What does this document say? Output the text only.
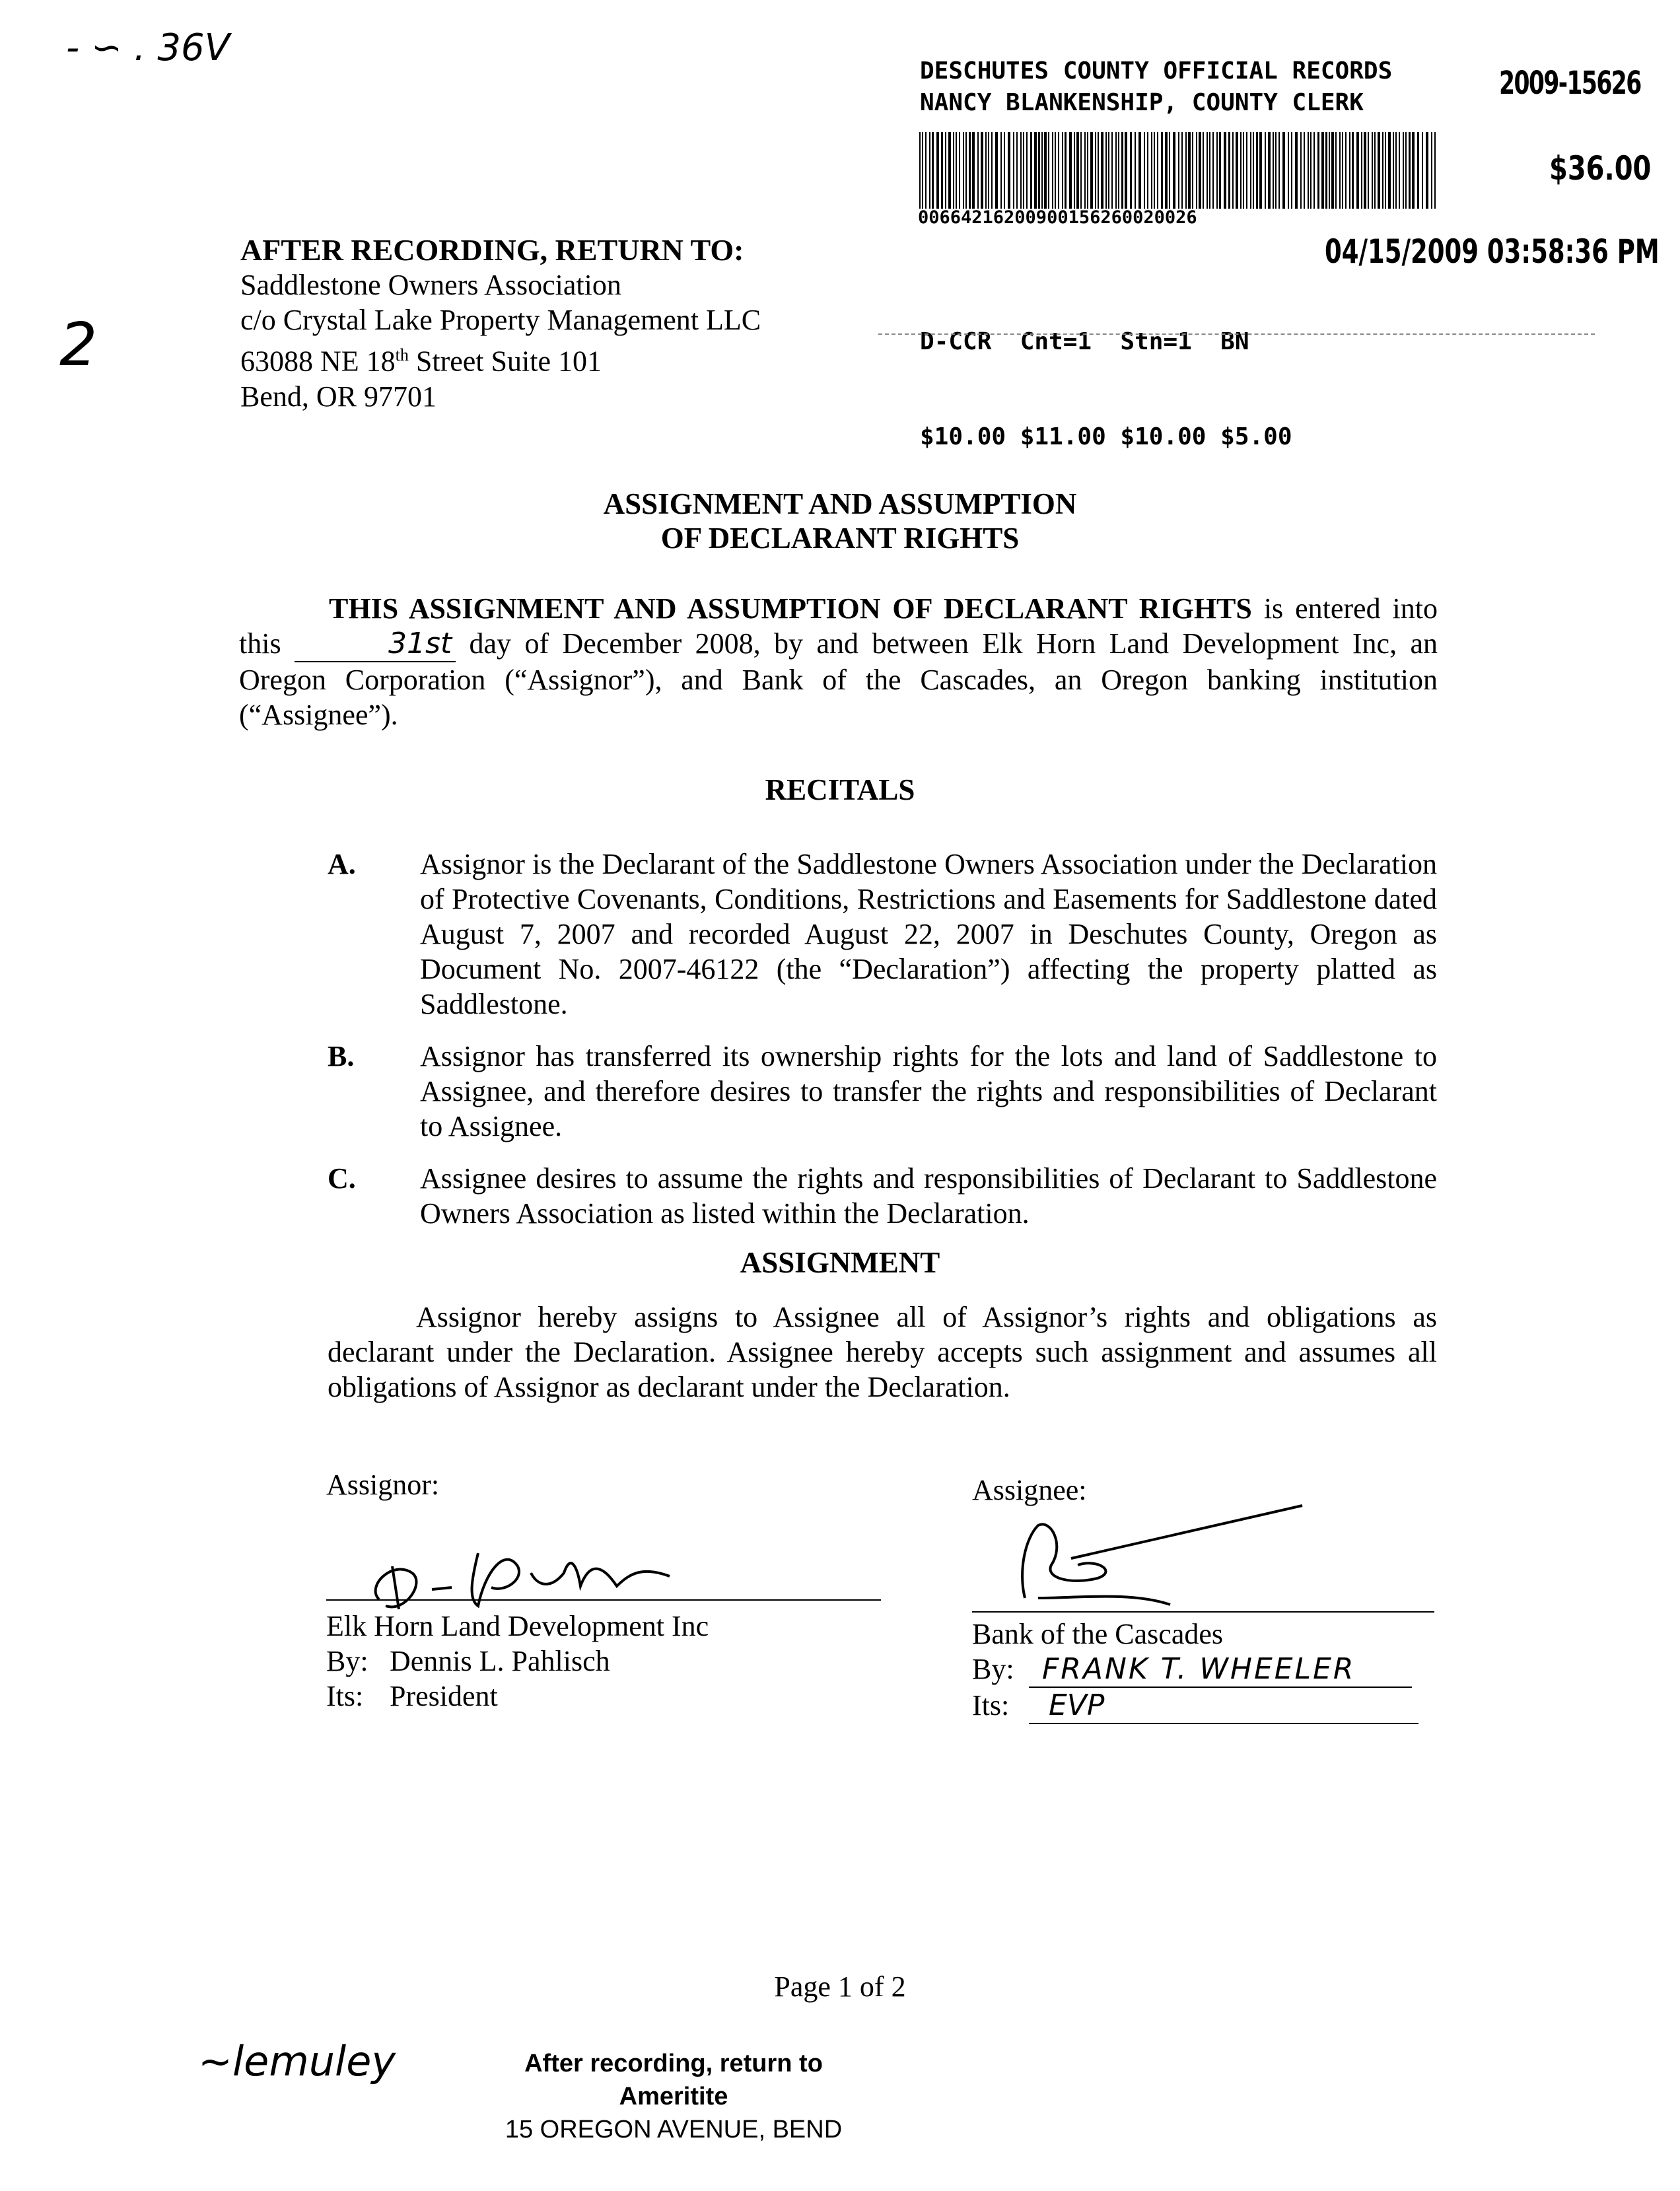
- ∽ . 36V
2
DESCHUTES COUNTY OFFICIAL RECORDS
NANCY BLANKENSHIP, COUNTY CLERK
2009-15626
$36.00
00664216200900156260020026
04/15/2009 03:58:36 PM

D-CCR  Cnt=1  Stn=1  BN

$10.00 $11.00 $10.00 $5.00

AFTER RECORDING, RETURN TO:
Saddlestone Owners Association
c/o Crystal Lake Property Management LLC
63088 NE 18th Street Suite 101
Bend, OR 97701
ASSIGNMENT AND ASSUMPTION
OF DECLARANT RIGHTS

THIS ASSIGNMENT AND ASSUMPTION OF DECLARANT RIGHTS is entered into this	31st day of December 2008, by and between Elk Horn Land Development Inc, an Oregon Corporation (“Assignor”), and Bank of the Cascades, an Oregon banking institution (“Assignee”).

RECITALS
A. Assignor is the Declarant of the Saddlestone Owners Association under the Declaration of Protective Covenants, Conditions, Restrictions and Easements for Saddlestone dated August 7, 2007 and recorded August 22, 2007 in Deschutes County, Oregon as Document No. 2007-46122 (the “Declaration”) affecting the property platted as Saddlestone.
B. Assignor has transferred its ownership rights for the lots and land of Saddlestone to Assignee, and therefore desires to transfer the rights and responsibilities of Declarant to Assignee.
C. Assignee desires to assume the rights and responsibilities of Declarant to Saddlestone Owners Association as listed within the Declaration.
ASSIGNMENT

Assignor hereby assigns to Assignee all of Assignor’s rights and obligations as declarant under the Declaration. Assignee hereby accepts such assignment and assumes all obligations of Assignor as declarant under the Declaration.

Assignor:
Elk Horn Land Development Inc
By: Dennis L. Pahlisch
Its: President
Assignee:
Bank of the Cascades
By: FRANK T. WHEELER
Its: EVP
Page 1 of 2
~lemuley	After recording, return to
Ameritite
15 OREGON AVENUE, BEND
